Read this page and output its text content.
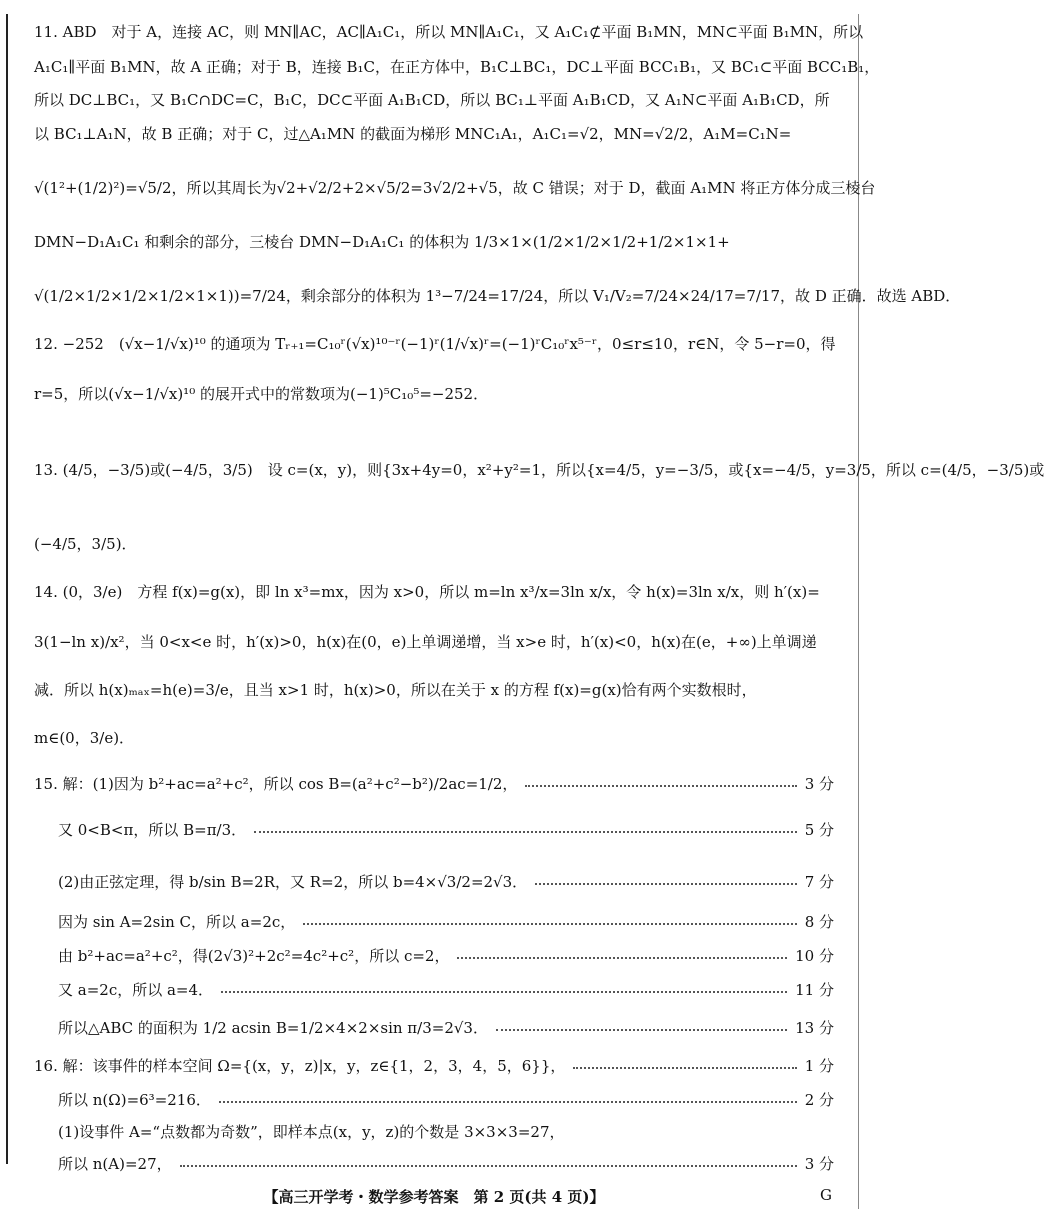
11. ABD　对于 A，连接 AC，则 MN∥AC，AC∥A₁C₁，所以 MN∥A₁C₁，又 A₁C₁⊄平面 B₁MN，MN⊂平面 B₁MN，所以
A₁C₁∥平面 B₁MN，故 A 正确；对于 B，连接 B₁C，在正方体中，B₁C⊥BC₁，DC⊥平面 BCC₁B₁，又 BC₁⊂平面 BCC₁B₁，
所以 DC⊥BC₁，又 B₁C∩DC=C，B₁C，DC⊂平面 A₁B₁CD，所以 BC₁⊥平面 A₁B₁CD，又 A₁N⊂平面 A₁B₁CD，所
以 BC₁⊥A₁N，故 B 正确；对于 C，过△A₁MN 的截面为梯形 MNC₁A₁，A₁C₁=√2，MN=√2/2，A₁M=C₁N=
√(1²+(1/2)²)=√5/2，所以其周长为√2+√2/2+2×√5/2=3√2/2+√5，故 C 错误；对于 D，截面 A₁MN 将正方体分成三棱台
DMN−D₁A₁C₁ 和剩余的部分，三棱台 DMN−D₁A₁C₁ 的体积为 1/3×1×(1/2×1/2×1/2+1/2×1×1+
√(1/2×1/2×1/2×1/2×1×1))=7/24，剩余部分的体积为 1³−7/24=17/24，所以 V₁/V₂=7/24×24/17=7/17，故 D 正确．故选 ABD．
12. −252　(√x−1/√x)¹⁰ 的通项为 Tᵣ₊₁=C₁₀ʳ(√x)¹⁰⁻ʳ(−1)ʳ(1/√x)ʳ=(−1)ʳC₁₀ʳx⁵⁻ʳ，0≤r≤10，r∈N，令 5−r=0，得
r=5，所以(√x−1/√x)¹⁰ 的展开式中的常数项为(−1)⁵C₁₀⁵=−252．
13. (4/5，−3/5)或(−4/5，3/5)　设 c=(x，y)，则{3x+4y=0，x²+y²=1，所以{x=4/5，y=−3/5，或{x=−4/5，y=3/5，所以 c=(4/5，−3/5)或
(−4/5，3/5)．
14. (0，3/e)　方程 f(x)=g(x)，即 ln x³=mx，因为 x>0，所以 m=ln x³/x=3ln x/x，令 h(x)=3ln x/x，则 h′(x)=
3(1−ln x)/x²，当 0<x<e 时，h′(x)>0，h(x)在(0，e)上单调递增，当 x>e 时，h′(x)<0，h(x)在(e，+∞)上单调递
减．所以 h(x)ₘₐₓ=h(e)=3/e，且当 x>1 时，h(x)>0，所以在关于 x 的方程 f(x)=g(x)恰有两个实数根时，
m∈(0，3/e)．
15. 解：(1)因为 b²+ac=a²+c²，所以 cos B=(a²+c²−b²)/2ac=1/2，	3 分
又 0<B<π，所以 B=π/3．	5 分
(2)由正弦定理，得 b/sin B=2R，又 R=2，所以 b=4×√3/2=2√3．	7 分
因为 sin A=2sin C，所以 a=2c，	8 分
由 b²+ac=a²+c²，得(2√3)²+2c²=4c²+c²，所以 c=2，	10 分
又 a=2c，所以 a=4．	11 分
所以△ABC 的面积为 1/2 acsin B=1/2×4×2×sin π/3=2√3．	13 分
16. 解：该事件的样本空间 Ω={(x，y，z)|x，y，z∈{1，2，3，4，5，6}}，	1 分
所以 n(Ω)=6³=216．	2 分
(1)设事件 A=“点数都为奇数”，即样本点(x，y，z)的个数是 3×3×3=27，
所以 n(A)=27，	3 分
【高三开学考・数学参考答案　第 2 页(共 4 页)】	G
